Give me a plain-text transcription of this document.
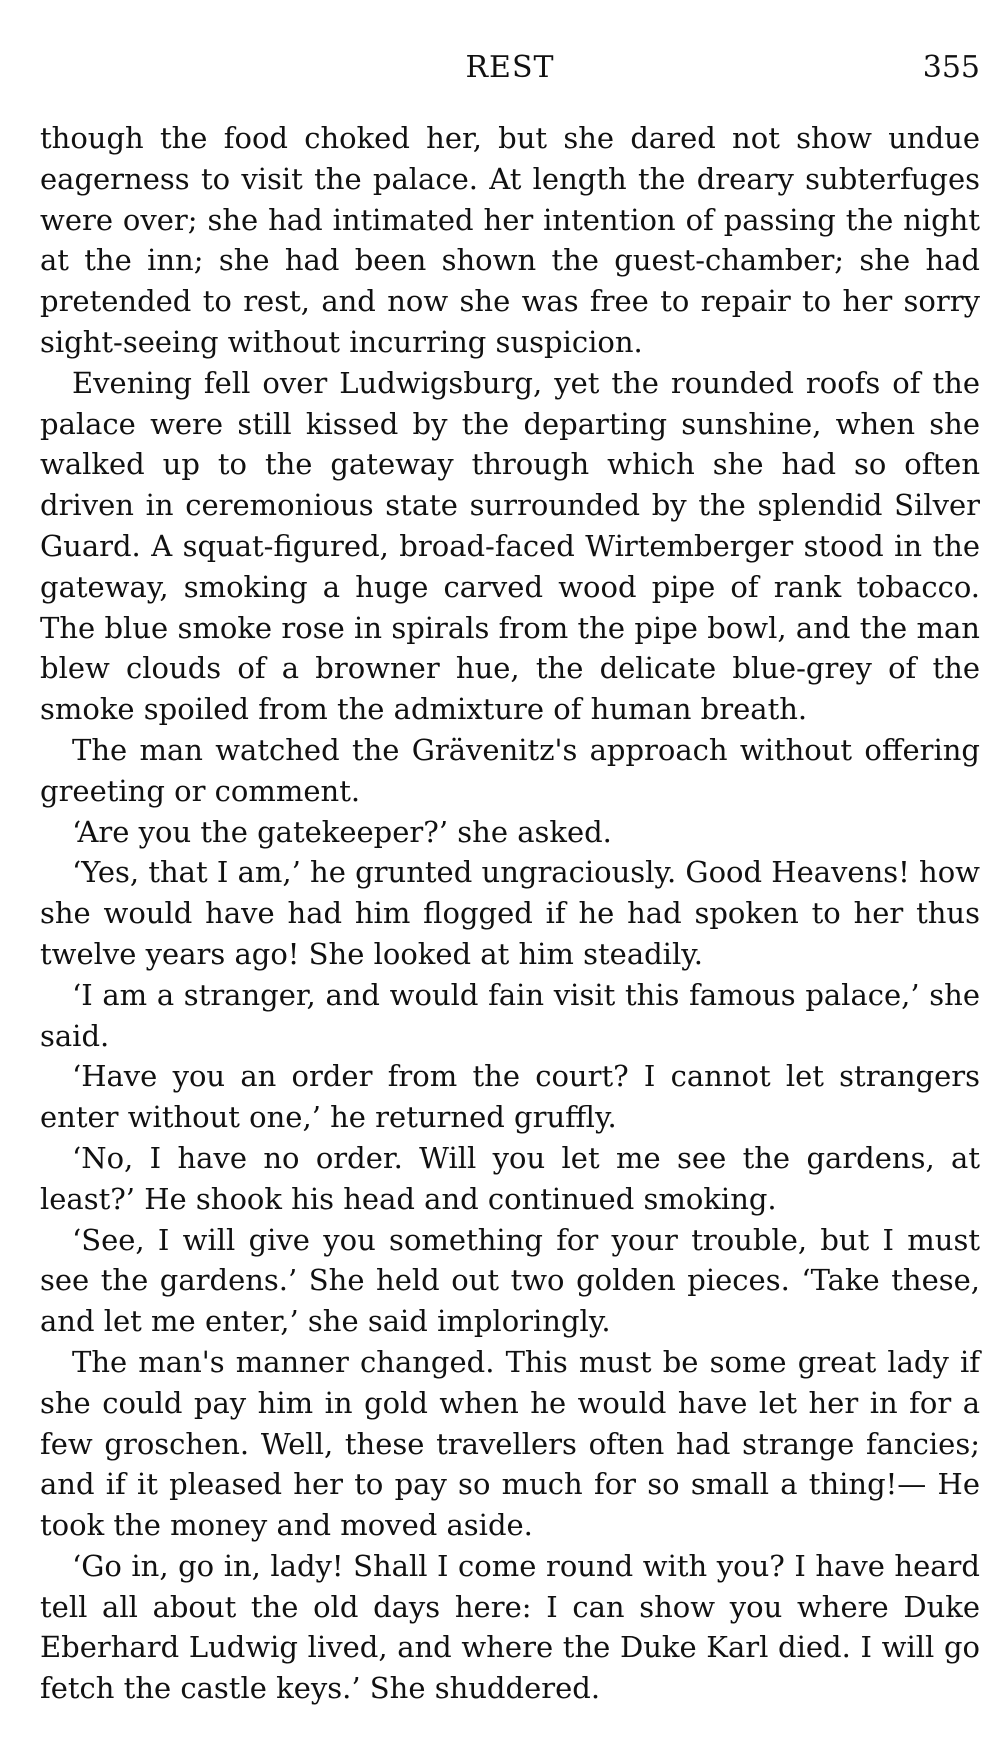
REST	355

though the food choked her, but she dared not show undue eagerness to visit the palace. At length the dreary subterfuges were over; she had intimated her intention of passing the night at the inn; she had been shown the guest-chamber; she had pretended to rest, and now she was free to repair to her sorry sight-seeing without incurring suspicion.

Evening fell over Ludwigsburg, yet the rounded roofs of the palace were still kissed by the departing sunshine, when she walked up to the gateway through which she had so often driven in ceremonious state surrounded by the splendid Silver Guard. A squat-figured, broad-faced Wirtemberger stood in the gateway, smoking a huge carved wood pipe of rank tobacco. The blue smoke rose in spirals from the pipe bowl, and the man blew clouds of a browner hue, the delicate blue-grey of the smoke spoiled from the admixture of human breath.

The man watched the Grävenitz's approach without offering greeting or comment.

‘Are you the gatekeeper?’ she asked.

‘Yes, that I am,’ he grunted ungraciously. Good Heavens! how she would have had him flogged if he had spoken to her thus twelve years ago! She looked at him steadily.

‘I am a stranger, and would fain visit this famous palace,’ she said.

‘Have you an order from the court? I cannot let strangers enter without one,’ he returned gruffly.

‘No, I have no order. Will you let me see the gardens, at least?’ He shook his head and continued smoking.

‘See, I will give you something for your trouble, but I must see the gardens.’ She held out two golden pieces. ‘Take these, and let me enter,’ she said imploringly.

The man's manner changed. This must be some great lady if she could pay him in gold when he would have let her in for a few groschen. Well, these travellers often had strange fancies; and if it pleased her to pay so much for so small a thing!— He took the money and moved aside.

‘Go in, go in, lady! Shall I come round with you? I have heard tell all about the old days here: I can show you where Duke Eberhard Ludwig lived, and where the Duke Karl died. I will go fetch the castle keys.’ She shuddered.
